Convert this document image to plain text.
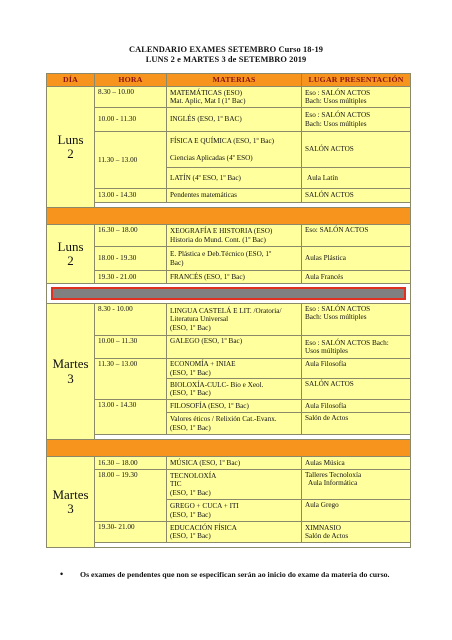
CALENDARIO EXAMES SETEMBRO Curso 18-19
LUNS 2 e MARTES 3 de SETEMBRO 2019
DÍA	HORA	MATERIAS	LUGAR PRESENTACIÓN

Luns
2	8.30 – 10.00	MATEMÁTICAS (ESO)
Mat. Aplic, Mat I (1º Bac)	Eso : SALÓN ACTOS
Bach: Usos múltiples

	10.00 - 11.30	INGLÉS (ESO, 1º BAC)	Eso : SALÓN ACTOS
Bach: Usos múltiples

	11.30 – 13.00	FÍSICA E QUÍMICA (ESO, 1º Bac)
Ciencias Aplicadas (4º ESO)	SALÓN ACTOS
		LATÍN (4º ESO, 1º Bac)	Aula Latín
	13.00 - 14.30	Pendentes matemáticas	SALÓN ACTOS

Luns
2	16.30 – 18.00	XEOGRAFÍA E HISTORIA (ESO)
Historia do Mund. Cont. (1º Bac)	Eso: SALÓN ACTOS
	18.00 - 19.30	E. Plástica e Deb.Técnico (ESO, 1º
Bac)	Aulas Plástica
	19.30 - 21.00	FRANCÉS (ESO, 1º Bac)	Aula Francés

Martes
3	8.30 - 10.00	LINGUA CASTELÁ E LIT. /Oratoria/
Literatura Universal
(ESO, 1º Bac)	Eso : SALÓN ACTOS
Bach: Usos múltiples

	10.00 – 11.30	GALEGO (ESO, 1º Bac)	Eso : SALÓN ACTOS Bach:
Usos múltiples

	11.30 – 13.00	ECONOMÍA + INIAE
(ESO, 1º Bac)	Aula Filosofía

		BIOLOXÍA-CULC- Bio e Xeol.
(ESO, 1º Bac)	SALÓN ACTOS
	13.00 - 14.30	FILOSOFÍA (ESO, 1º Bac)	Aula Filosofía

		Valores éticos / Relixión Cat.-Evanx.
(ESO, 1º Bac)	Salón de Actos

Martes
3	16.30 – 18.00	MÚSICA (ESO, 1º Bac)	Aulas Música
	18.00 – 19.30	TECNOLOXÍA
TIC
(ESO, 1º Bac)	Talleres Tecnoloxía
Aula Informática

		GREGO + CUCA + ITI
(ESO, 1º Bac)	Aula Grego
	19.30- 21.00	EDUCACIÓN FÍSICA
(ESO, 1º Bac)	XIMNASIO
Salón de Actos

• Os exames de pendentes que non se especifican serán ao inicio do exame da materia do curso.
